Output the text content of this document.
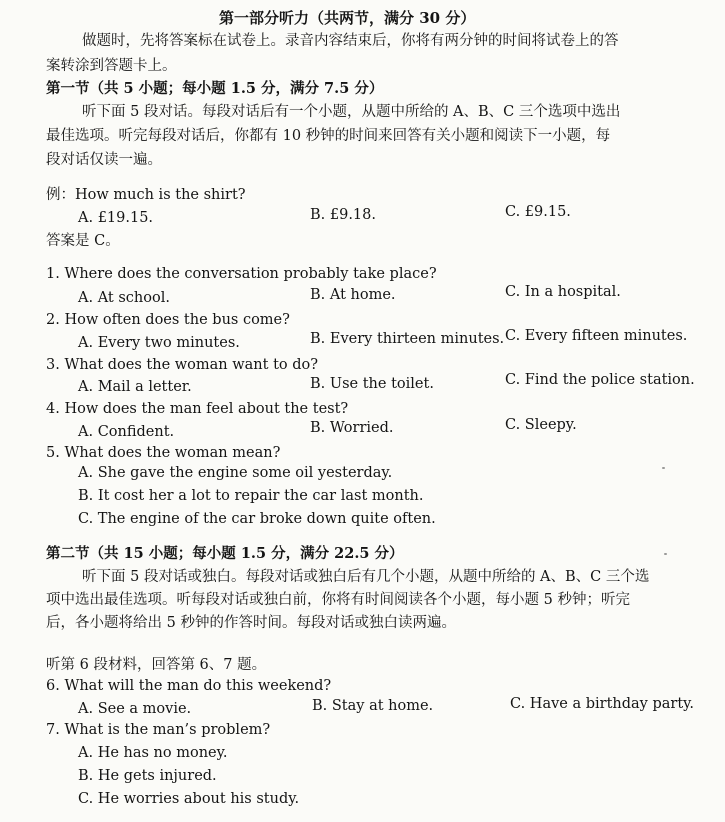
第一部分听力（共两节，满分 30 分）
做题时，先将答案标在试卷上。录音内容结束后，你将有两分钟的时间将试卷上的答
案转涂到答题卡上。
第一节（共 5 小题；每小题 1.5 分，满分 7.5 分）
听下面 5 段对话。每段对话后有一个小题，从题中所给的 A、B、C 三个选项中选出
最佳选项。听完每段对话后，你都有 10 秒钟的时间来回答有关小题和阅读下一小题，每
段对话仅读一遍。
例：How much is the shirt?
A. £19.15.	B. £9.18.	C. £9.15.
答案是 C。
1. Where does the conversation probably take place?
A. At school.	B. At home.	C. In a hospital.
2. How often does the bus come?
A. Every two minutes.	B. Every thirteen minutes. C. Every fifteen minutes.
3. What does the woman want to do?
A. Mail a letter.	B. Use the toilet.	C. Find the police station.
4. How does the man feel about the test?
A. Confident.	B. Worried.	C. Sleepy.
5. What does the woman mean?
A. She gave the engine some oil yesterday.
B. It cost her a lot to repair the car last month.
C. The engine of the car broke down quite often.
第二节（共 15 小题；每小题 1.5 分，满分 22.5 分）
听下面 5 段对话或独白。每段对话或独白后有几个小题，从题中所给的 A、B、C 三个选
项中选出最佳选项。听每段对话或独白前，你将有时间阅读各个小题，每小题 5 秒钟；听完
后，各小题将给出 5 秒钟的作答时间。每段对话或独白读两遍。
听第 6 段材料，回答第 6、7 题。
6. What will the man do this weekend?
A. See a movie.	B. Stay at home.	C. Have a birthday party.
7. What is the man’s problem?
A. He has no money.
B. He gets injured.
C. He worries about his study.
